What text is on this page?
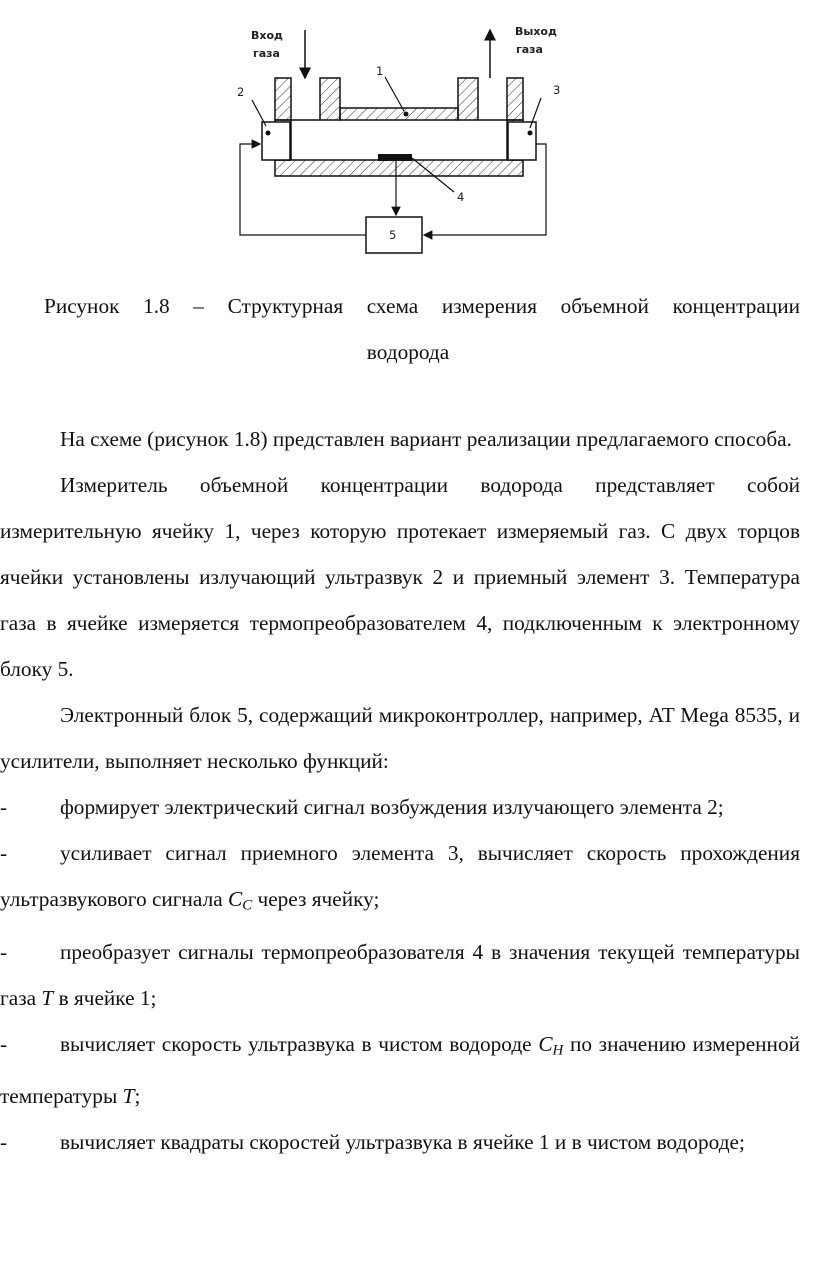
Вход
газа
Выход
газа
1
2	3
4
5
Рисунок 1.8 – Структурная схема измерения объемной концентрации
водорода

На схеме (рисунок 1.8) представлен вариант реализации предлагаемого способа.

Измеритель объемной концентрации водорода представляет собой измерительную ячейку 1, через которую протекает измеряемый газ. С двух торцов ячейки установлены излучающий ультразвук 2 и приемный элемент 3. Температура газа в ячейке измеряется термопреобразователем 4, подключенным к электронному блоку 5.

Электронный блок 5, содержащий микроконтроллер, например, AT Mega 8535, и усилители, выполняет несколько функций:

- формирует электрический сигнал возбуждения излучающего элемента 2;

- усиливает сигнал приемного элемента 3, вычисляет скорость прохождения ультразвукового сигнала $C_C$ через ячейку;

- преобразует сигналы термопреобразователя 4 в значения текущей температуры газа T в ячейке 1;

- вычисляет скорость ультразвука в чистом водороде $C_H$ по значению измеренной температуры T;

- вычисляет квадраты скоростей ультразвука в ячейке 1 и в чистом водороде;
